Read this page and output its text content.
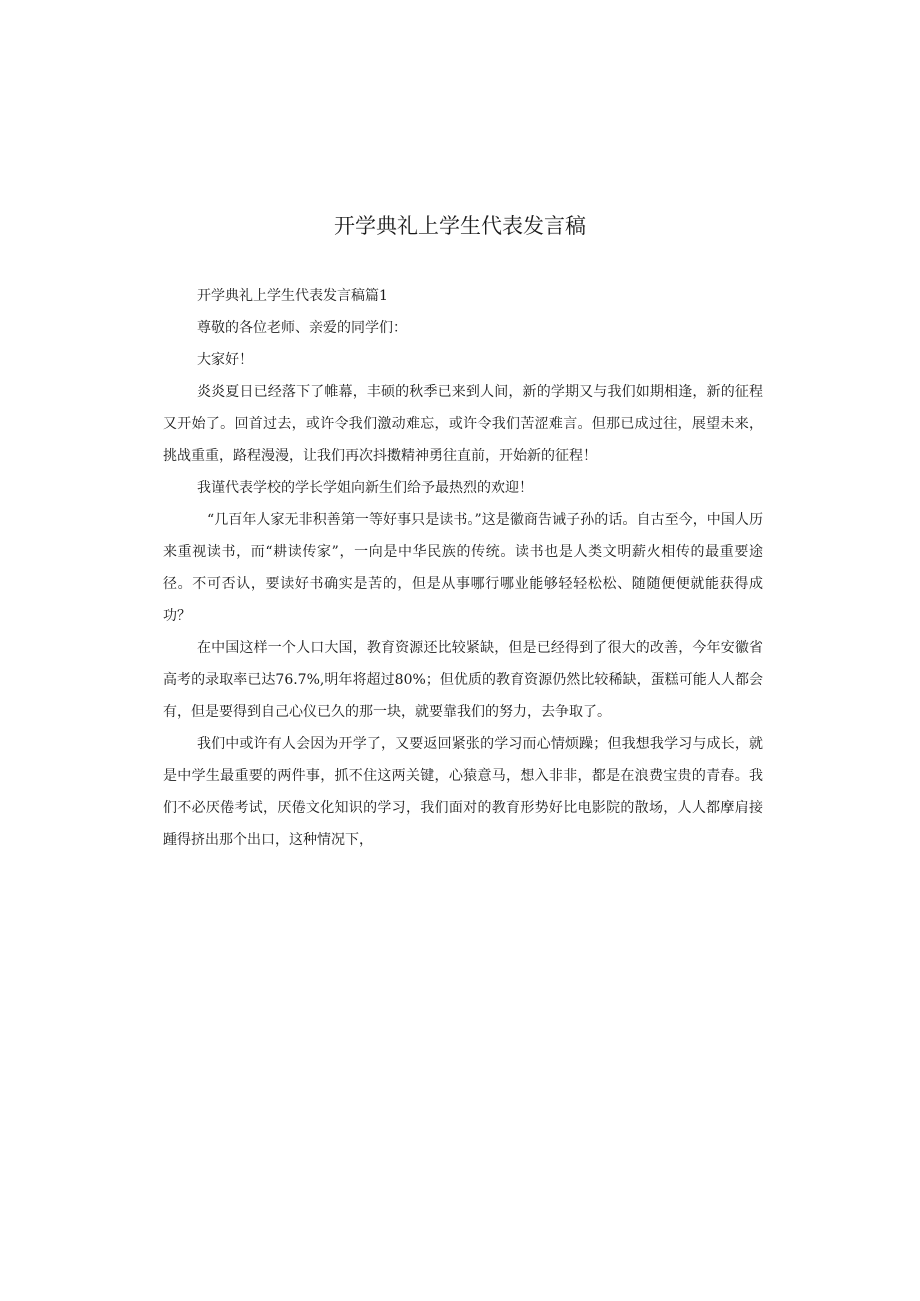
开学典礼上学生代表发言稿

开学典礼上学生代表发言稿篇1

尊敬的各位老师、亲爱的同学们：

大家好！

炎炎夏日已经落下了帷幕，丰硕的秋季已来到人间，新的学期又与我们如期相逢，新的征程又开始了。回首过去，或许令我们激动难忘，或许令我们苦涩难言。但那已成过往，展望未来，挑战重重，路程漫漫，让我们再次抖擞精神勇往直前，开始新的征程！

我谨代表学校的学长学姐向新生们给予最热烈的欢迎！

“几百年人家无非积善第一等好事只是读书。”这是徽商告诫子孙的话。自古至今，中国人历来重视读书，而“耕读传家”，一向是中华民族的传统。读书也是人类文明薪火相传的最重要途径。不可否认，要读好书确实是苦的，但是从事哪行哪业能够轻轻松松、随随便便就能获得成功？

在中国这样一个人口大国，教育资源还比较紧缺，但是已经得到了很大的改善，今年安徽省高考的录取率已达76.7%,明年将超过80%；但优质的教育资源仍然比较稀缺，蛋糕可能人人都会有，但是要得到自己心仪已久的那一块，就要靠我们的努力，去争取了。

我们中或许有人会因为开学了，又要返回紧张的学习而心情烦躁；但我想我学习与成长，就是中学生最重要的两件事，抓不住这两关键，心猿意马，想入非非，都是在浪费宝贵的青春。我们不必厌倦考试，厌倦文化知识的学习，我们面对的教育形势好比电影院的散场，人人都摩肩接踵得挤出那个出口，这种情况下，
